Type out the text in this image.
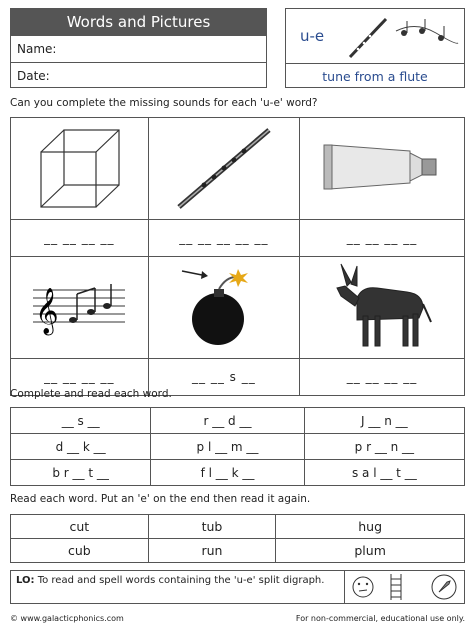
Words and Pictures
Name:
Date:
u-e
tune from a flute
Can you complete the missing sounds for each 'u-e' word?

__ __ __ __	__ __ __ __ __	__ __ __ __

𝄞

__ __ __ __	__ __ s __	__ __ __ __
Complete and read each word.
__ s __	r __ d __	J __ n __
d __ k __	p l __ m __	p r __ n __
b r __ t __	f l __ k __	s a l __ t __
Read each word. Put an 'e' on the end then read it again.
cut	tub	hug
cub	run	plum
LO: To read and spell words containing the 'u-e' split digraph.
© www.galacticphonics.com	For non-commercial, educational use only.
